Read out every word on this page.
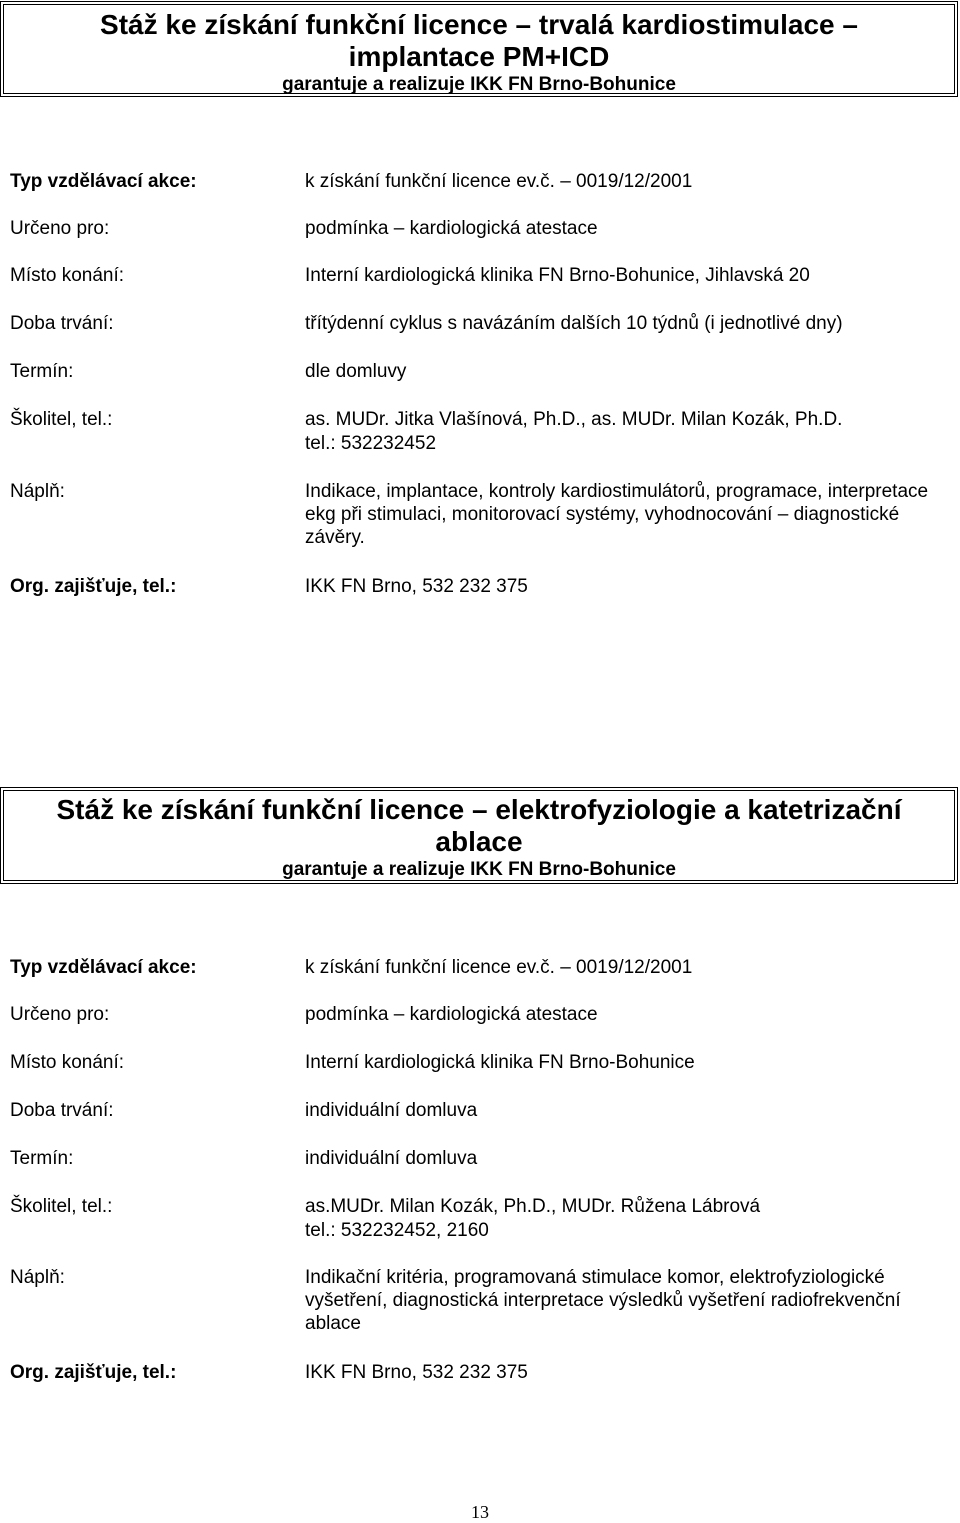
Stáž ke získání funkční licence – trvalá kardiostimulace –
implantace PM+ICD
garantuje a realizuje IKK FN Brno-Bohunice
Typ vzdělávací akce:	k získání funkční licence ev.č. – 0019/12/2001
Určeno pro:	podmínka – kardiologická atestace
Místo konání:	Interní kardiologická klinika FN Brno-Bohunice, Jihlavská 20
Doba trvání:	třítýdenní cyklus s navázáním dalších 10 týdnů (i jednotlivé dny)
Termín:	dle domluvy
Školitel, tel.:	as. MUDr. Jitka Vlašínová, Ph.D., as. MUDr. Milan Kozák, Ph.D.
tel.: 532232452
Náplň:	Indikace, implantace, kontroly kardiostimulátorů, programace, interpretace ekg při stimulaci, monitorovací systémy, vyhodnocování – diagnostické závěry.
Org. zajišťuje, tel.:	IKK FN Brno, 532 232 375
Stáž ke získání funkční licence – elektrofyziologie a katetrizační
ablace
garantuje a realizuje IKK FN Brno-Bohunice
Typ vzdělávací akce:	k získání funkční licence ev.č. – 0019/12/2001
Určeno pro:	podmínka – kardiologická atestace
Místo konání:	Interní kardiologická klinika FN Brno-Bohunice
Doba trvání:	individuální domluva
Termín:	individuální domluva
Školitel, tel.:	as.MUDr. Milan Kozák, Ph.D., MUDr. Růžena Lábrová
tel.: 532232452, 2160
Náplň:	Indikační kritéria, programovaná stimulace komor, elektrofyziologické vyšetření, diagnostická interpretace výsledků vyšetření radiofrekvenční ablace
Org. zajišťuje, tel.:	IKK FN Brno, 532 232 375
13
